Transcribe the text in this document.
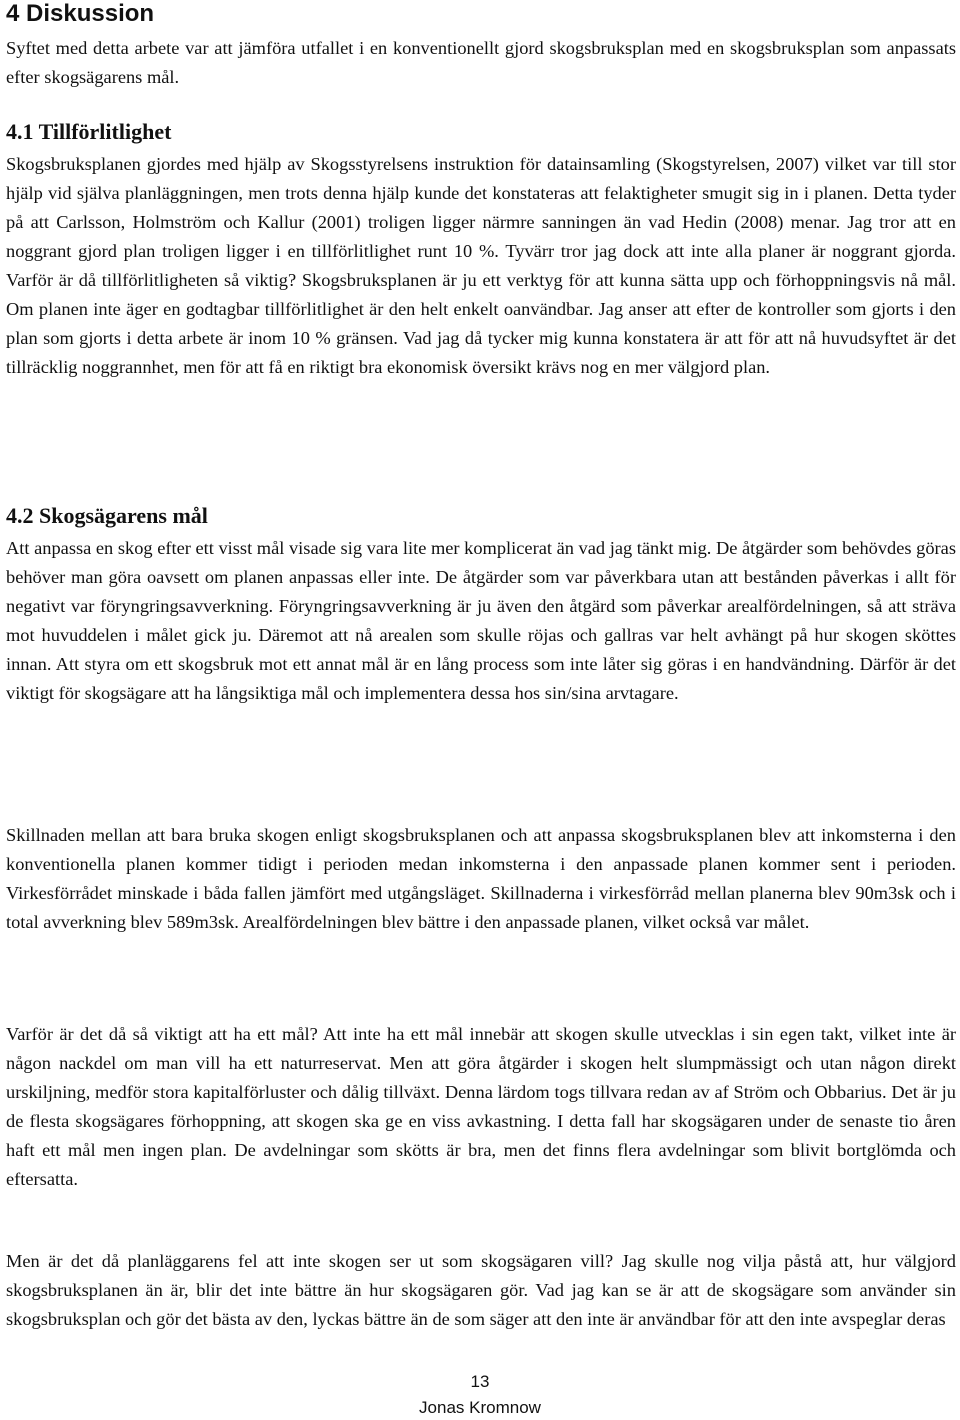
4 Diskussion

Syftet med detta arbete var att jämföra utfallet i en konventionellt gjord skogsbruksplan med en skogsbruksplan som anpassats efter skogsägarens mål.

4.1 Tillförlitlighet

Skogsbruksplanen gjordes med hjälp av Skogsstyrelsens instruktion för datainsamling (Skogstyrelsen, 2007) vilket var till stor hjälp vid själva planläggningen, men trots denna hjälp kunde det konstateras att felaktigheter smugit sig in i planen. Detta tyder på att Carlsson, Holmström och Kallur (2001) troligen ligger närmre sanningen än vad Hedin (2008) menar. Jag tror att en noggrant gjord plan troligen ligger i en tillförlitlighet runt 10 %. Tyvärr tror jag dock att inte alla planer är noggrant gjorda. Varför är då tillförlitligheten så viktig? Skogsbruksplanen är ju ett verktyg för att kunna sätta upp och förhoppningsvis nå mål. Om planen inte äger en godtagbar tillförlitlighet är den helt enkelt oanvändbar. Jag anser att efter de kontroller som gjorts i den plan som gjorts i detta arbete är inom 10 % gränsen. Vad jag då tycker mig kunna konstatera är att för att nå huvudsyftet är det tillräcklig noggrannhet, men för att få en riktigt bra ekonomisk översikt krävs nog en mer välgjord plan.

4.2 Skogsägarens mål

Att anpassa en skog efter ett visst mål visade sig vara lite mer komplicerat än vad jag tänkt mig. De åtgärder som behövdes göras behöver man göra oavsett om planen anpassas eller inte. De åtgärder som var påverkbara utan att bestånden påverkas i allt för negativt var föryngringsavverkning. Föryngringsavverkning är ju även den åtgärd som påverkar arealfördelningen, så att sträva mot huvuddelen i målet gick ju. Däremot att nå arealen som skulle röjas och gallras var helt avhängt på hur skogen sköttes innan. Att styra om ett skogsbruk mot ett annat mål är en lång process som inte låter sig göras i en handvändning. Därför är det viktigt för skogsägare att ha långsiktiga mål och implementera dessa hos sin/sina arvtagare.

Skillnaden mellan att bara bruka skogen enligt skogsbruksplanen och att anpassa skogsbruksplanen blev att inkomsterna i den konventionella planen kommer tidigt i perioden medan inkomsterna i den anpassade planen kommer sent i perioden. Virkesförrådet minskade i båda fallen jämfört med utgångsläget. Skillnaderna i virkesförråd mellan planerna blev 90m3sk och i total avverkning blev 589m3sk. Arealfördelningen blev bättre i den anpassade planen, vilket också var målet.

Varför är det då så viktigt att ha ett mål? Att inte ha ett mål innebär att skogen skulle utvecklas i sin egen takt, vilket inte är någon nackdel om man vill ha ett naturreservat. Men att göra åtgärder i skogen helt slumpmässigt och utan någon direkt urskiljning, medför stora kapitalförluster och dålig tillväxt. Denna lärdom togs tillvara redan av af Ström och Obbarius. Det är ju de flesta skogsägares förhoppning, att skogen ska ge en viss avkastning. I detta fall har skogsägaren under de senaste tio åren haft ett mål men ingen plan. De avdelningar som skötts är bra, men det finns flera avdelningar som blivit bortglömda och eftersatta.

Men är det då planläggarens fel att inte skogen ser ut som skogsägaren vill? Jag skulle nog vilja påstå att, hur välgjord skogsbruksplanen än är, blir det inte bättre än hur skogsägaren gör. Vad jag kan se är att de skogsägare som använder sin skogsbruksplan och gör det bästa av den, lyckas bättre än de som säger att den inte är användbar för att den inte avspeglar deras

13
Jonas Kromnow
